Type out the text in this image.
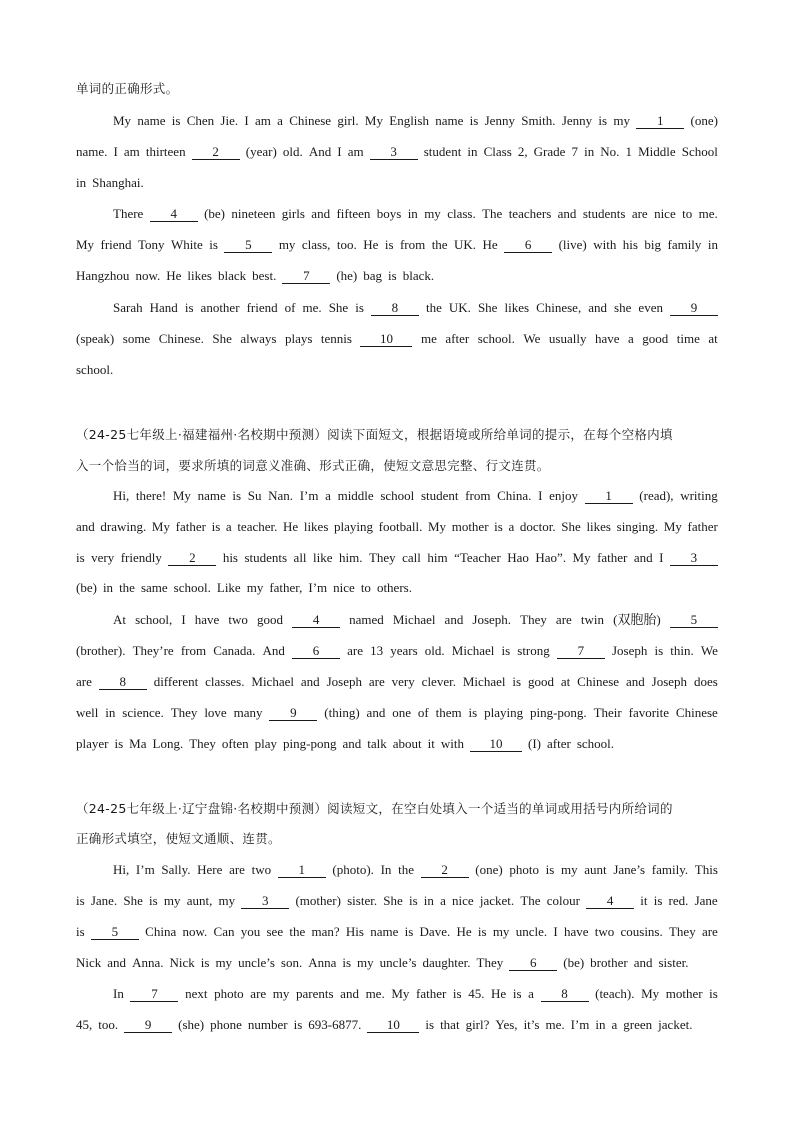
单词的正确形式。
My name is Chen Jie. I am a Chinese girl. My English name is Jenny Smith. Jenny is my	1	(one)
name. I am thirteen	2	(year) old. And I am	3	student in Class 2, Grade 7 in No. 1 Middle School
in Shanghai.
There	4	(be) nineteen girls and fifteen boys in my class. The teachers and students are nice to me.
My friend Tony White is	5	my class, too. He is from the UK. He	6	(live) with his big family in
Hangzhou now. He likes black best.	7	(he) bag is black.
Sarah Hand is another friend of me. She is	8	the UK. She likes Chinese, and she even	9
(speak) some Chinese. She always plays tennis	10	me after school. We usually have a good time at
school.
（24-25七年级上·福建福州·名校期中预测）阅读下面短文，根据语境或所给单词的提示，在每个空格内填
入一个恰当的词，要求所填的词意义准确、形式正确，使短文意思完整、行文连贯。
Hi, there! My name is Su Nan. I’m a middle school student from China. I enjoy	1	(read), writing
and drawing. My father is a teacher. He likes playing football. My mother is a doctor. She likes singing. My father
is very friendly	2	his students all like him. They call him “Teacher Hao Hao”. My father and I	3
(be) in the same school. Like my father, I’m nice to others.
At school, I have two good	4	named Michael and Joseph. They are twin (双胞胎)	5
(brother). They’re from Canada. And	6	are 13 years old. Michael is strong	7	Joseph is thin. We
are	8	different classes. Michael and Joseph are very clever. Michael is good at Chinese and Joseph does
well in science. They love many	9	(thing) and one of them is playing ping-pong. Their favorite Chinese
player is Ma Long. They often play ping-pong and talk about it with	10	(I) after school.
（24-25七年级上·辽宁盘锦·名校期中预测）阅读短文，在空白处填入一个适当的单词或用括号内所给词的
正确形式填空，使短文通顺、连贯。
Hi, I’m Sally. Here are two	1	(photo). In the	2	(one) photo is my aunt Jane’s family. This
is Jane. She is my aunt, my	3	(mother) sister. She is in a nice jacket. The colour	4	it is red. Jane
is	5	China now. Can you see the man? His name is Dave. He is my uncle. I have two cousins. They are
Nick and Anna. Nick is my uncle’s son. Anna is my uncle’s daughter. They	6	(be) brother and sister.
In	7	next photo are my parents and me. My father is 45. He is a	8	(teach). My mother is
45, too.	9	(she) phone number is 693-6877.	10	is that girl? Yes, it’s me. I’m in a green jacket.
